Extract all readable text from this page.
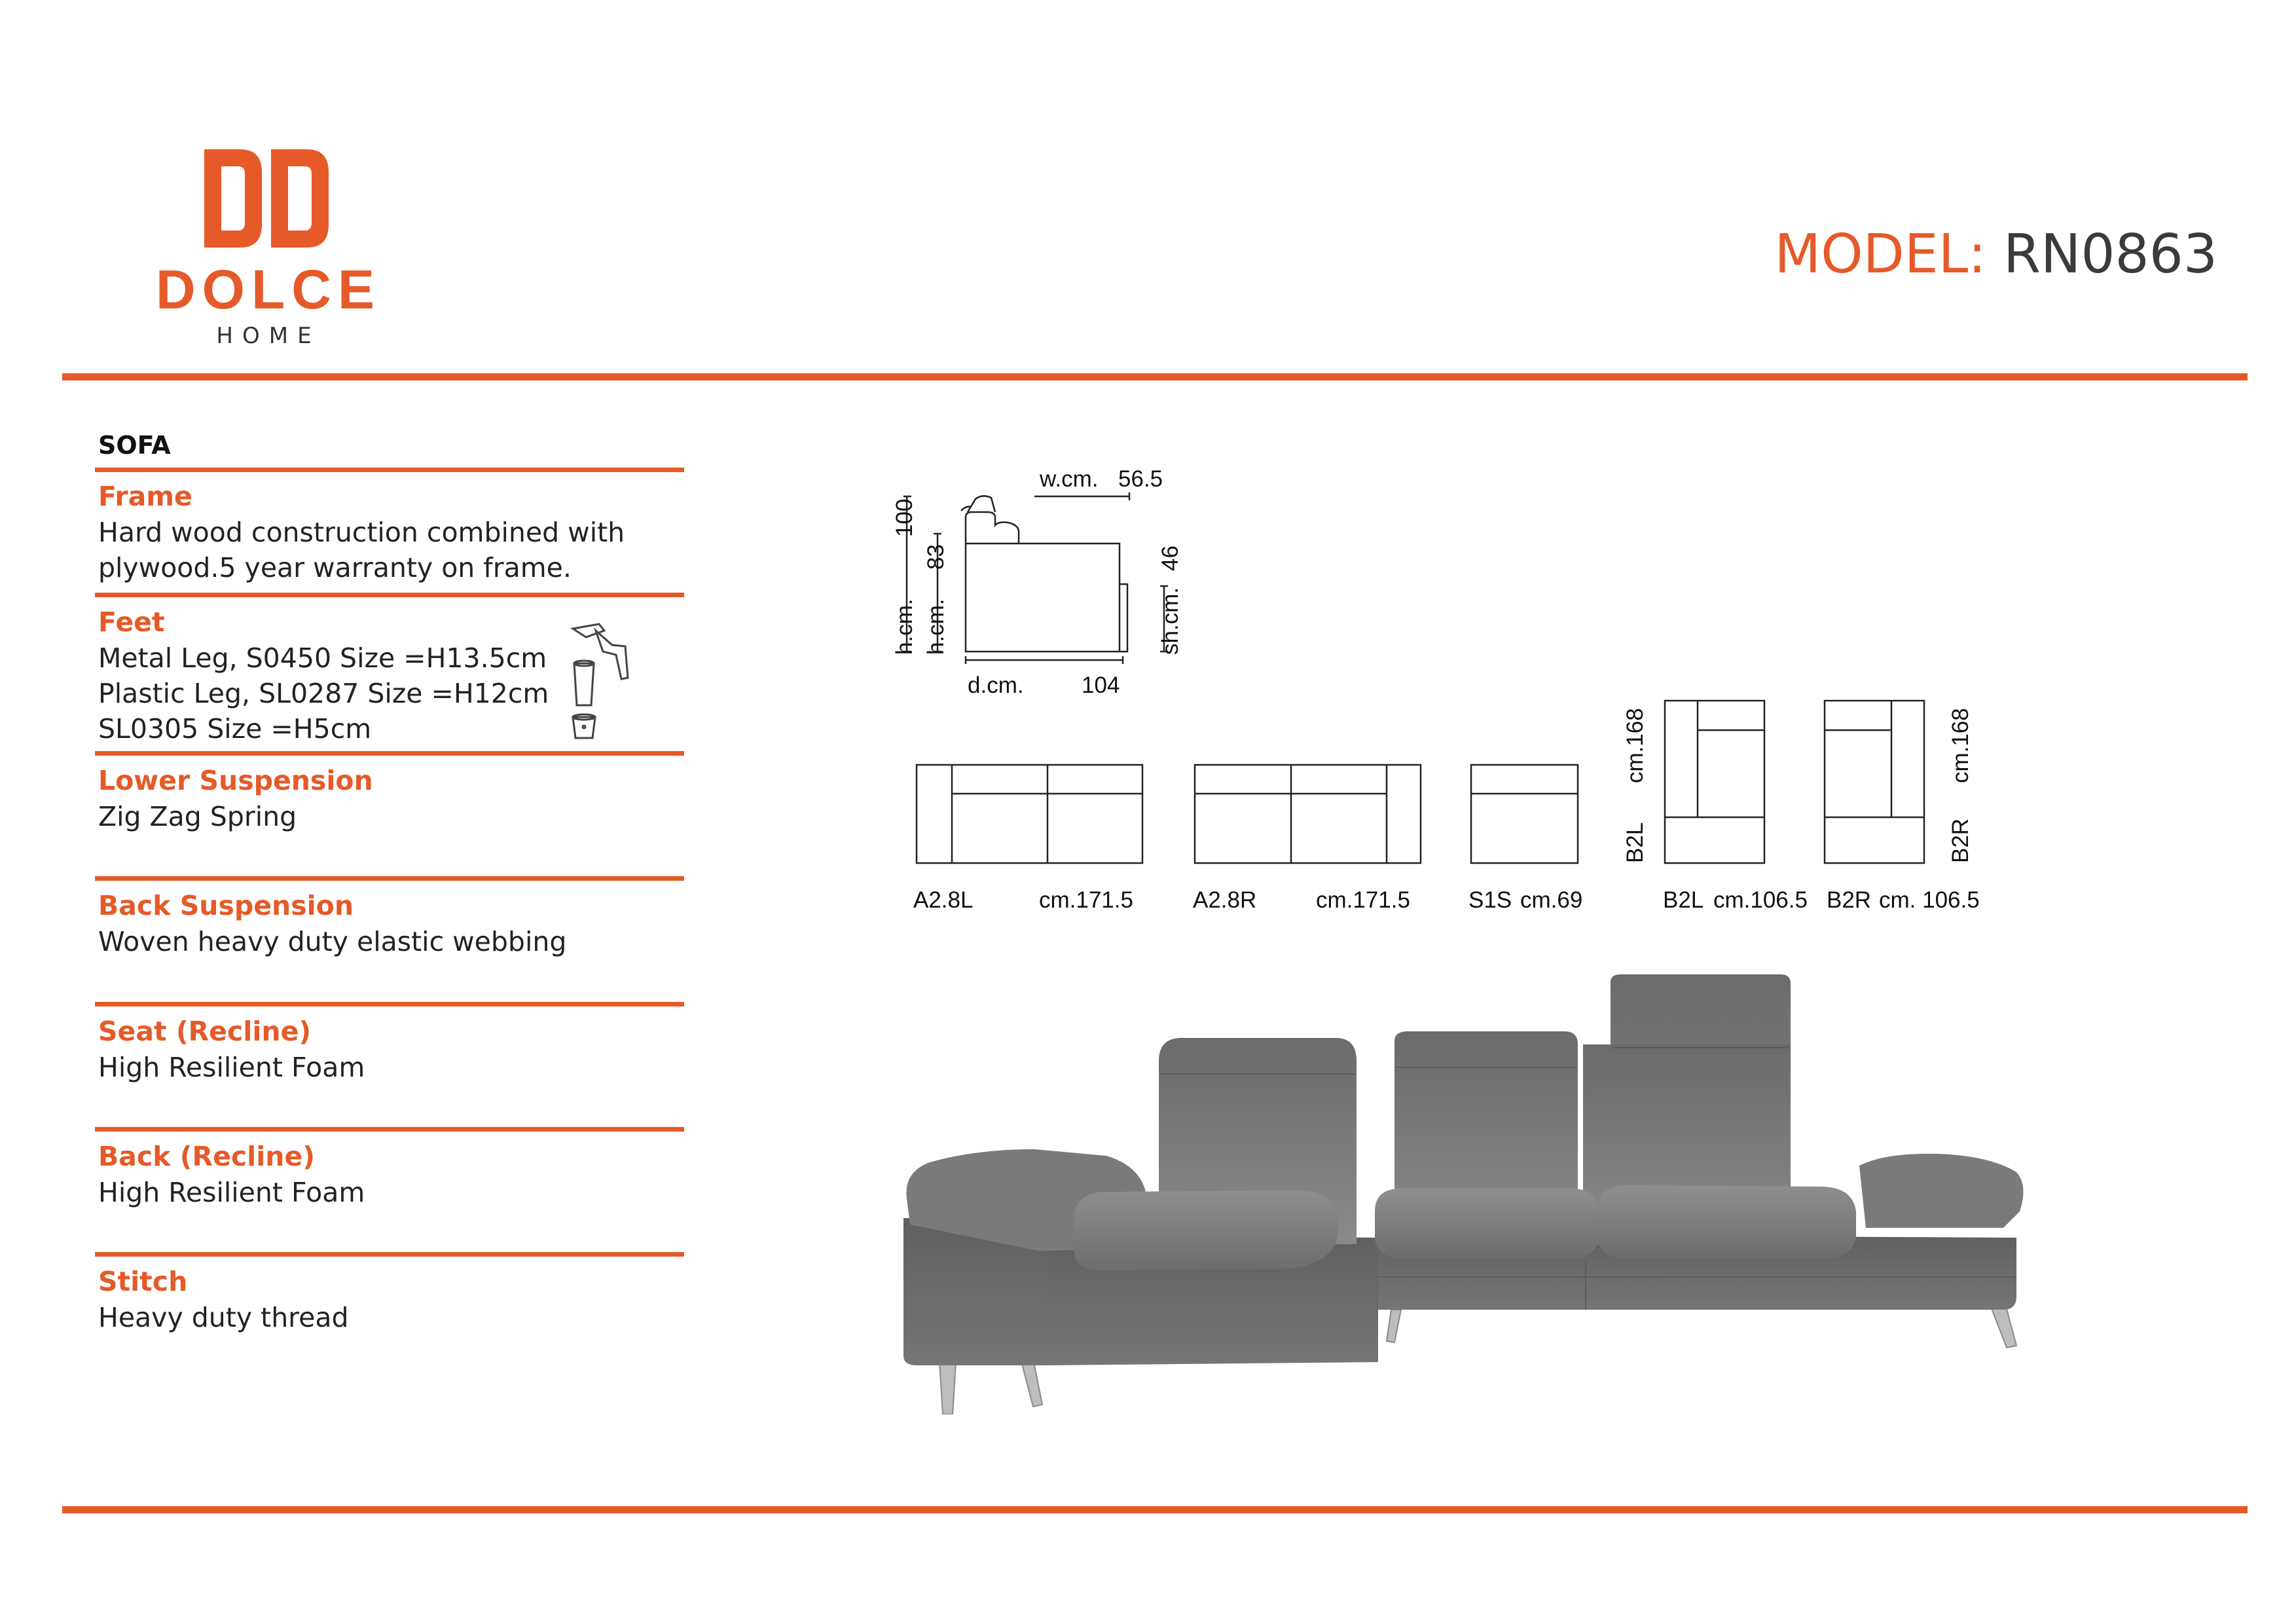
DOLCE
HOME
MODEL: RN0863
SOFA
Frame
Hard wood construction combined with
plywood.5 year warranty on frame.
Feet
Metal Leg, S0450 Size =H13.5cm
Plastic Leg, SL0287 Size =H12cm
SL0305 Size =H5cm
Lower Suspension
Zig Zag Spring
Back Suspension
Woven heavy duty elastic webbing
Seat (Recline)
High Resilient Foam
Back (Recline)
High Resilient Foam
Stitch
Heavy duty thread
w.cm. 56.5
h.cm.
100
h.cm.
83
sh.cm.
46
d.cm.	104
A2.8L	cm.171.5	A2.8R	cm.171.5	S1S cm.69	B2L cm.106.5 B2R cm. 106.5
B2L
cm.168
B2R
cm.168
